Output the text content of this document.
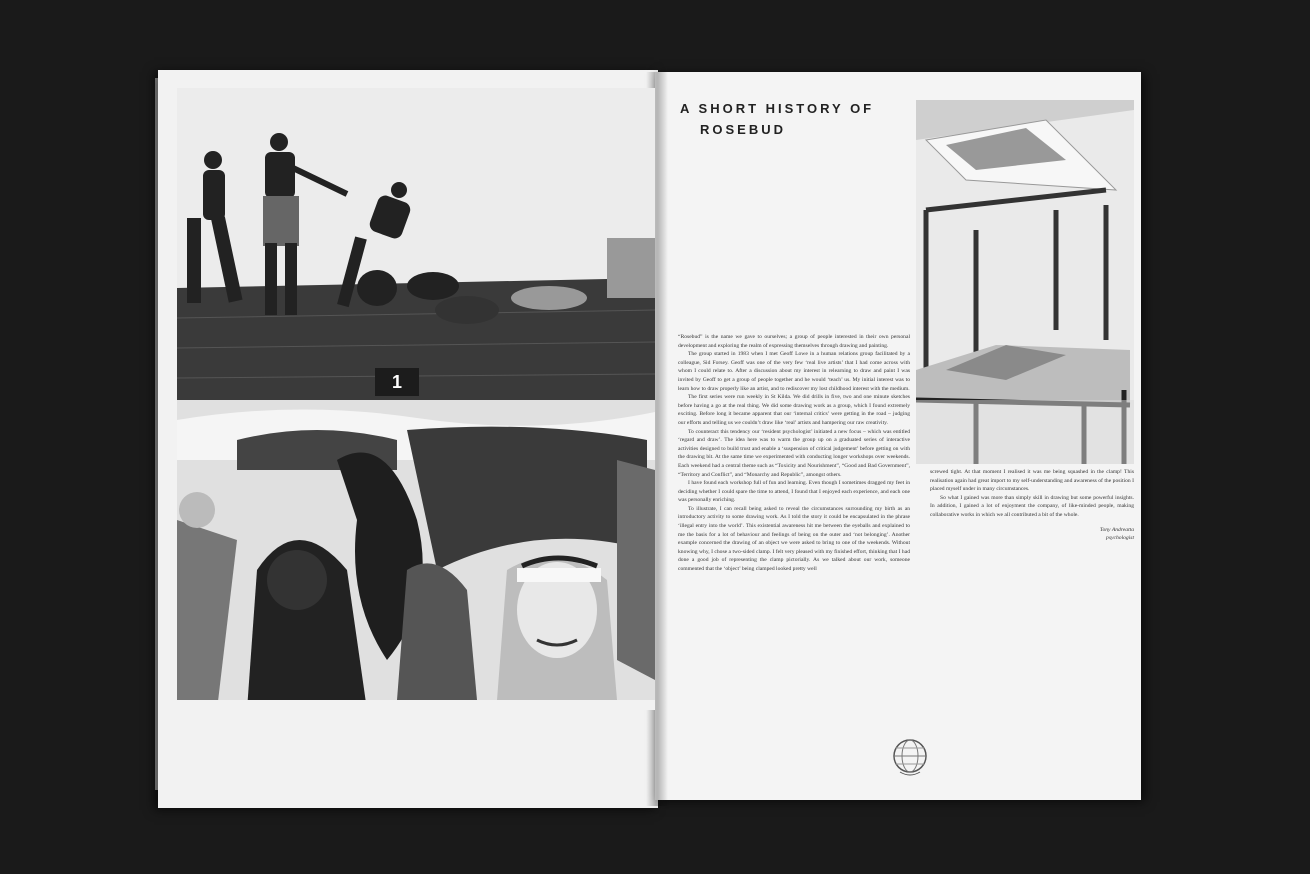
1
A SHORT HISTORY OF
ROSEBUD

“Rosebud” is the name we gave to ourselves; a group of people interested in their own personal development and exploring the realm of expressing themselves through drawing and painting.

The group started in 1983 when I met Geoff Lowe in a human relations group facilitated by a colleague, Sid Forsey. Geoff was one of the very few ‘real live artists’ that I had come across with whom I could relate to. After a discussion about my interest in relearning to draw and paint I was invited by Geoff to get a group of people together and he would ‘teach’ us. My initial interest was to learn how to draw properly like an artist, and to rediscover my lost childhood interest with the medium.

The first series were run weekly in St Kilda. We did drills in five, two and one minute sketches before having a go at the real thing. We did some drawing work as a group, which I found extremely exciting. Before long it became apparent that our ‘internal critics’ were getting in the road – judging our efforts and telling us we couldn’t draw like ‘real’ artists and hampering our raw creativity.

To counteract this tendency our ‘resident psychologist’ initiated a new focus – which was entitled ‘regard and draw’. The idea here was to warm the group up on a graduated series of interactive activities designed to build trust and enable a ‘suspension of critical judgement’ before getting on with the drawing bit. At the same time we experimented with conducting longer workshops over weekends. Each weekend had a central theme such as “Toxicity and Nourishment”, “Good and Bad Government”, “Territory and Conflict”, and “Monarchy and Republic”, amongst others.

I have found each workshop full of fun and learning. Even though I sometimes dragged my feet in deciding whether I could spare the time to attend, I found that I enjoyed each experience, and each one was personally enriching.

To illustrate, I can recall being asked to reveal the circumstances surrounding my birth as an introductory activity to some drawing work. As I told the story it could be encapsulated in the phrase ‘illegal entry into the world’. This existential awareness hit me between the eyeballs and explained to me the basis for a lot of behaviour and feelings of being on the outer and ‘not belonging’. Another example concerned the drawing of an object we were asked to bring to one of the weekends. Without knowing why, I chose a two-sided clamp. I felt very pleased with my finished effort, thinking that I had done a good job of representing the clamp pictorially. As we talked about our work, someone commented that the ‘object’ being clamped looked pretty well

screwed tight. At that moment I realised it was me being squashed in the clamp! This realisation again had great import to my self-understanding and awareness of the position I placed myself under in many circumstances.

So what I gained was more than simply skill in drawing but some powerful insights. In addition, I gained a lot of enjoyment the company, of like-minded people, making collaborative works in which we all contributed a bit of the whole.

Tony Andreatta
psychologist
